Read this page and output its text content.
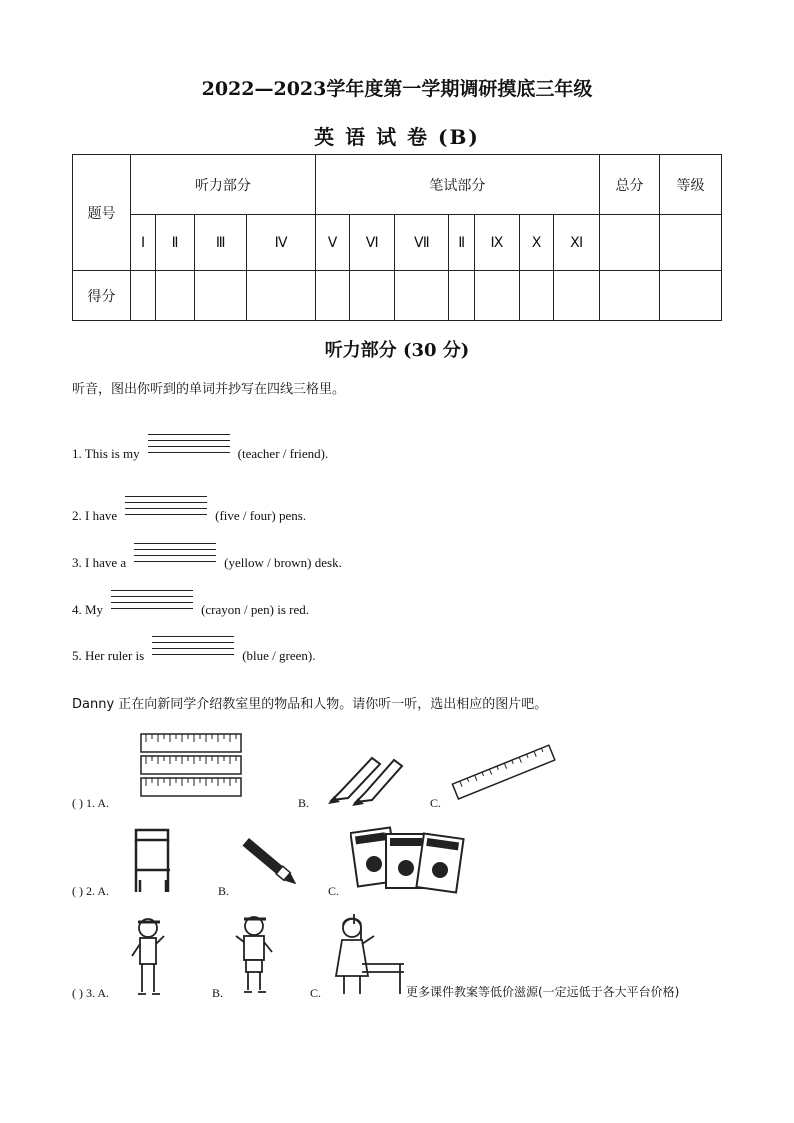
2022—2023学年度第一学期调研摸底三年级
英 语 试 卷 (B)
题号	听力部分				笔试部分							总分	等级
	Ⅰ	Ⅱ	Ⅲ	Ⅳ	Ⅴ	Ⅵ	Ⅶ	Ⅱ	Ⅸ	Ⅹ	Ⅺ		
得分													
听力部分 (30 分)
听音，图出你听到的单词并抄写在四线三格里。
1. This is my	(teacher / friend).
2. I have	(five / four) pens.
3. I have a	(yellow / brown) desk.
4. My	(crayon / pen) is red.
5. Her ruler is	(blue / green).
Danny 正在向新同学介绍教室里的物品和人物。请你听一听，选出相应的图片吧。
( ) 1. A.	B.	C.
( ) 2. A.	B.	C.
( ) 3. A.	B.	C.	更多课件教案等低价滋源(一定远低于各大平台价格)
